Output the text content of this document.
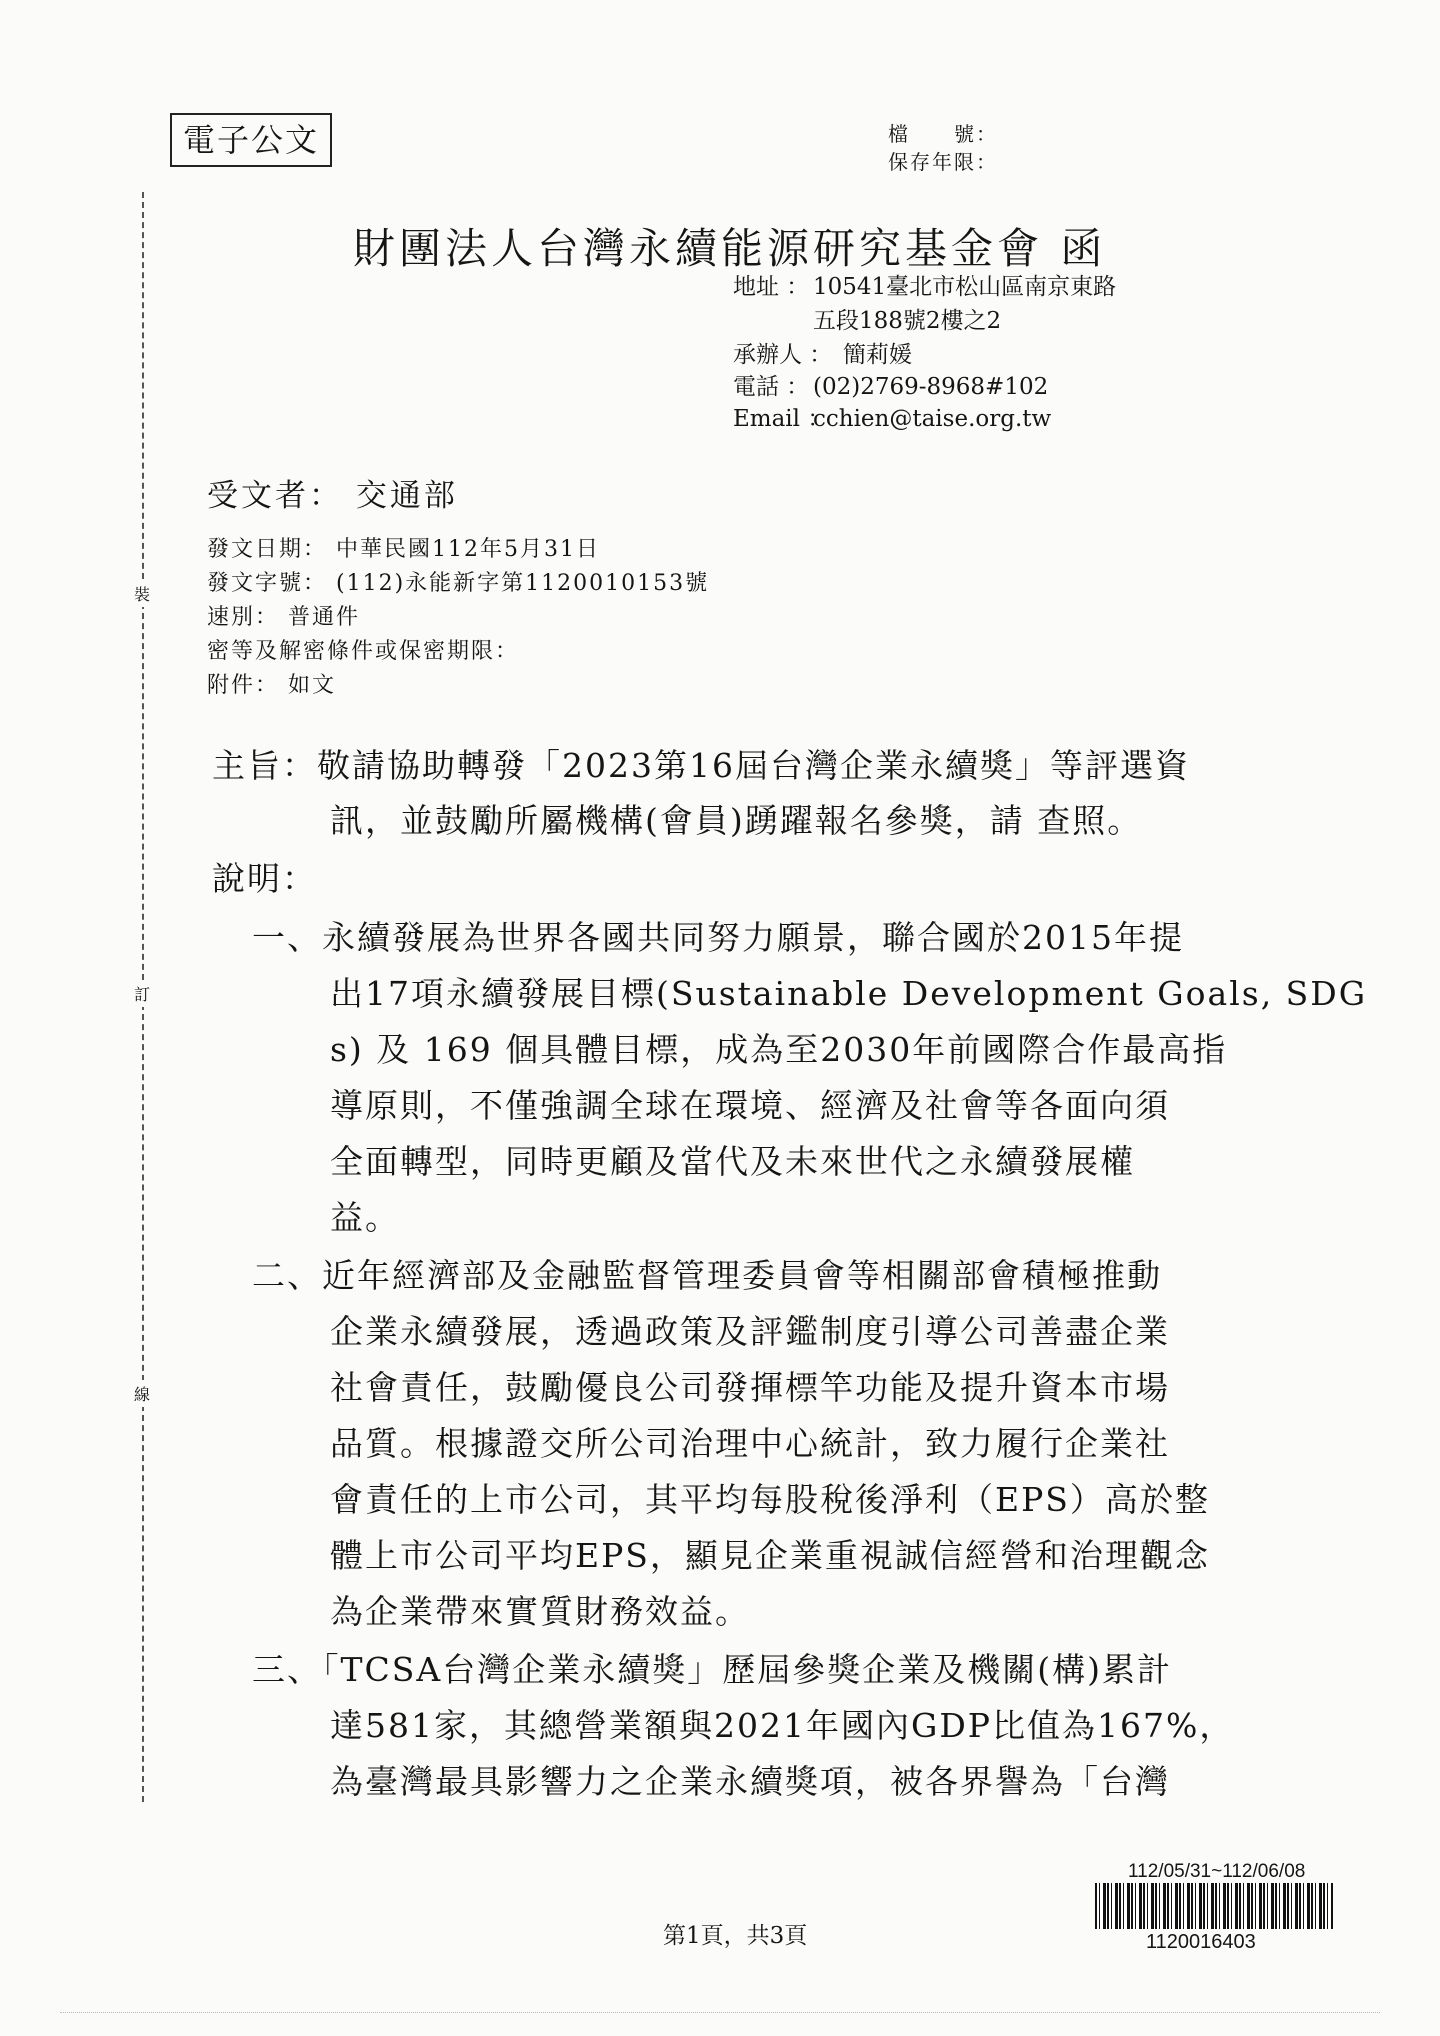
電子公文	檔　　號：
保存年限：
裝
訂
線
財團法人台灣永續能源研究基金會 函
地址 ： 10541臺北市松山區南京東路
五段188號2樓之2
承辦人 ： 簡莉媛
電話 ： (02)2769-8968#102
Email ：cchien@taise.org.tw
受文者： 交通部
發文日期： 中華民國112年5月31日
發文字號： (112)永能新字第1120010153號
速別： 普通件
密等及解密條件或保密期限：
附件： 如文
主旨：敬請協助轉發「2023第16屆台灣企業永續獎」等評選資
訊，並鼓勵所屬機構(會員)踴躍報名參獎，請 查照。
說明：
一、永續發展為世界各國共同努力願景，聯合國於2015年提
出17項永續發展目標(Sustainable Development Goals, SDG
s) 及 169 個具體目標，成為至2030年前國際合作最高指
導原則，不僅強調全球在環境、經濟及社會等各面向須
全面轉型，同時更顧及當代及未來世代之永續發展權
益。
二、近年經濟部及金融監督管理委員會等相關部會積極推動
企業永續發展，透過政策及評鑑制度引導公司善盡企業
社會責任，鼓勵優良公司發揮標竿功能及提升資本市場
品質。根據證交所公司治理中心統計，致力履行企業社
會責任的上市公司，其平均每股稅後淨利（EPS）高於整
體上市公司平均EPS，顯見企業重視誠信經營和治理觀念
為企業帶來實質財務效益。
三、「TCSA台灣企業永續獎」歷屆參獎企業及機關(構)累計
達581家，其總營業額與2021年國內GDP比值為167%，
為臺灣最具影響力之企業永續獎項，被各界譽為「台灣
112/05/31~112/06/08
1120016403
第1頁，共3頁
